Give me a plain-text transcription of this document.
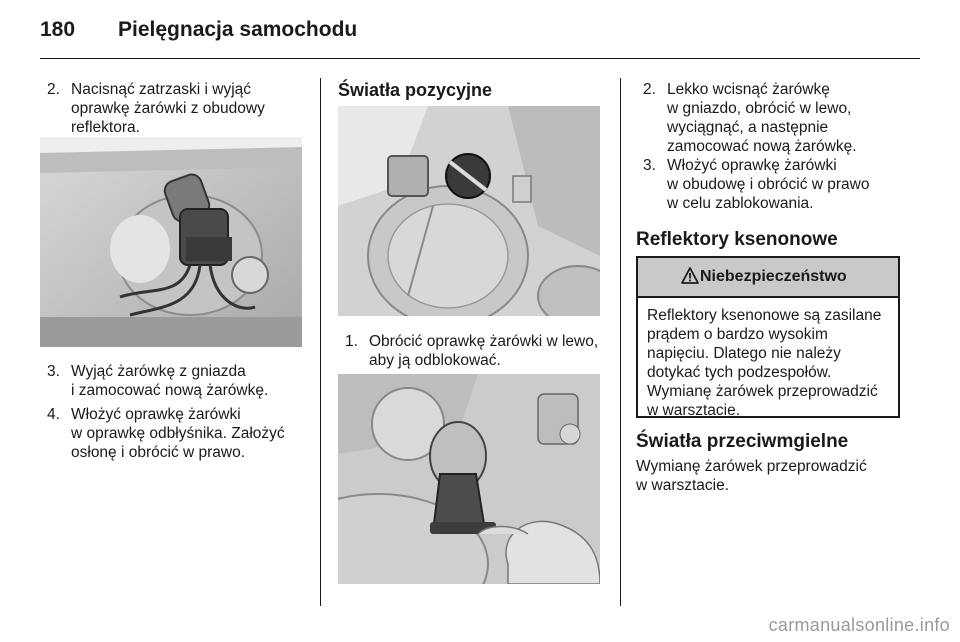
180 Pielęgnacja samochodu
2. Nacisnąć zatrzaski i wyjąć
oprawkę żarówki z obudowy
reflektora.
3. Wyjąć żarówkę z gniazda
i zamocować nową żarówkę.
4. Włożyć oprawkę żarówki
w oprawkę odbłyśnika. Założyć
osłonę i obrócić w prawo.
Światła pozycyjne
1. Obrócić oprawkę żarówki w lewo,
aby ją odblokować.
2. Lekko wcisnąć żarówkę
w gniazdo, obrócić w lewo,
wyciągnąć, a następnie
zamocować nową żarówkę.
3. Włożyć oprawkę żarówki
w obudowę i obrócić w prawo
w celu zablokowania.
Reflektory ksenonowe
Niebezpieczeństwo
Reflektory ksenonowe są zasilane
prądem o bardzo wysokim
napięciu. Dlatego nie należy
dotykać tych podzespołów.
Wymianę żarówek przeprowadzić
w warsztacie.
Światła przeciwmgielne
Wymianę żarówek przeprowadzić
w warsztacie.
carmanualsonline.info
